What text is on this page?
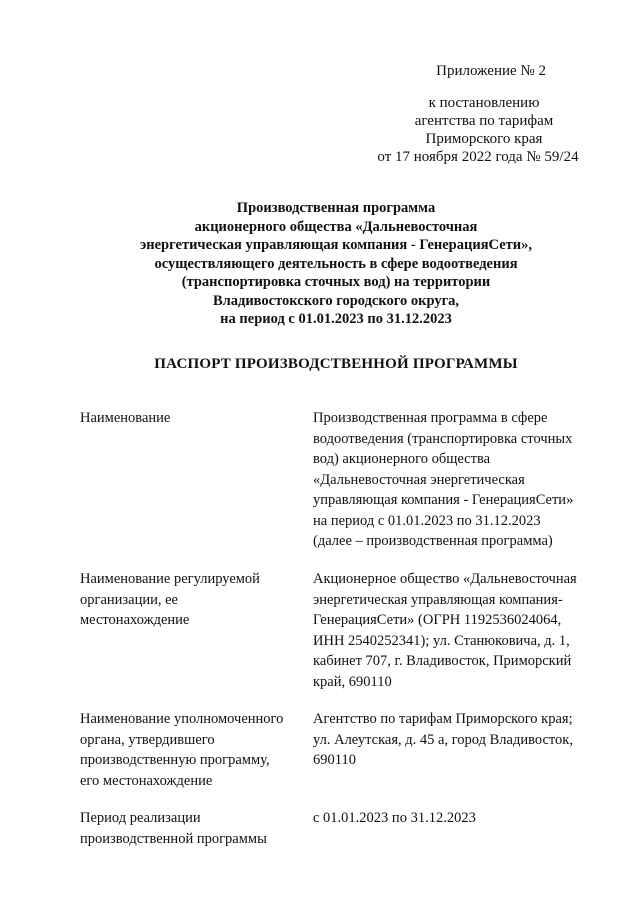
Приложение № 2
к постановлению
агентства по тарифам
Приморского края
от 17 ноября 2022 года № 59/24
Производственная программа
акционерного общества «Дальневосточная
энергетическая управляющая компания - ГенерацияСети»,
осуществляющего деятельность в сфере водоотведения
(транспортировка сточных вод) на территории
Владивостокского городского округа,
на период с 01.01.2023 по 31.12.2023
ПАСПОРТ ПРОИЗВОДСТВЕННОЙ ПРОГРАММЫ
Наименование	Производственная программа в сфере
водоотведения (транспортировка сточных
вод) акционерного общества
«Дальневосточная энергетическая
управляющая компания - ГенерацияСети»
на период с 01.01.2023 по 31.12.2023
(далее – производственная программа)
Наименование регулируемой
организации, ее
местонахождение
Акционерное общество «Дальневосточная
энергетическая управляющая компания-
ГенерацияСети» (ОГРН 1192536024064,
ИНН 2540252341); ул. Станюковича, д. 1,
кабинет 707, г. Владивосток, Приморский
край, 690110
Наименование уполномоченного
органа, утвердившего
производственную программу,
его местонахождение
Агентство по тарифам Приморского края;
ул. Алеутская, д. 45 а, город Владивосток,
690110
Период реализации
производственной программы
с 01.01.2023 по 31.12.2023
